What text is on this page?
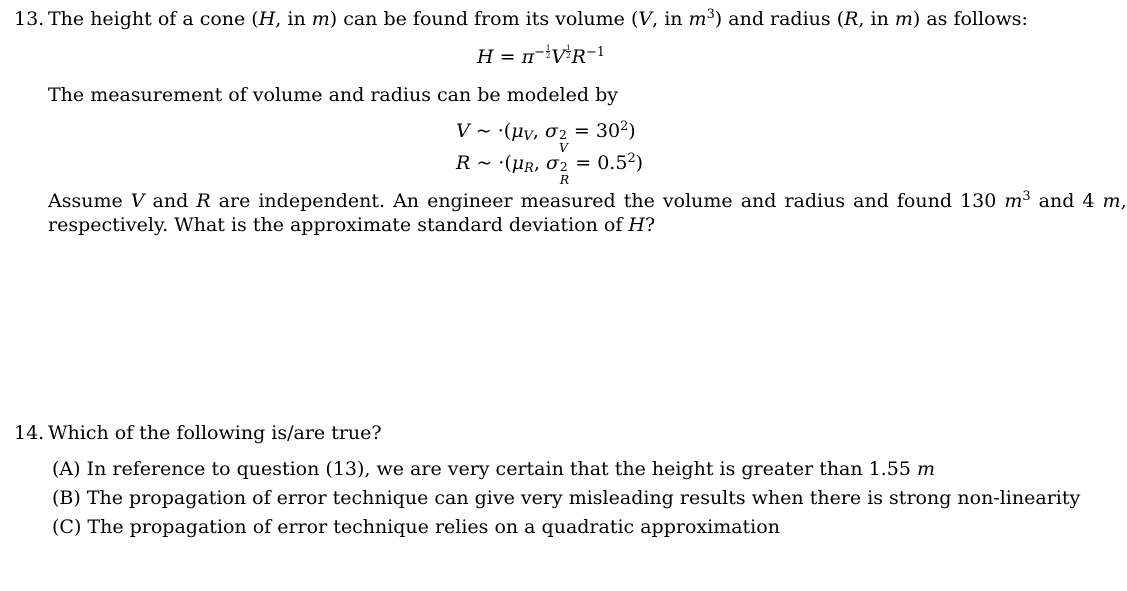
13. The height of a cone (H, in m) can be found from its volume (V, in $m^3$) and radius (R, in m) as follows:
$H = \pi^{- \frac{1}{2}}$ V $^{\frac{1}{2}}$ $R^{-1}$
The measurement of volume and radius can be modeled by
V ~ $\cdot(\mu_V$, σ 2
V
= $30^2$)
R ~ $\cdot(\mu_R$, σ 2
R
= $0.5^2$)
Assume V and R are independent. An engineer measured the volume and radius and found 130 $m^3$ and 4 m,
respectively. What is the approximate standard deviation of H?
14. Which of the following is/are true?
(A) In reference to question (13), we are very certain that the height is greater than 1.55 m
(B) The propagation of error technique can give very misleading results when there is strong non-linearity
(C) The propagation of error technique relies on a quadratic approximation
